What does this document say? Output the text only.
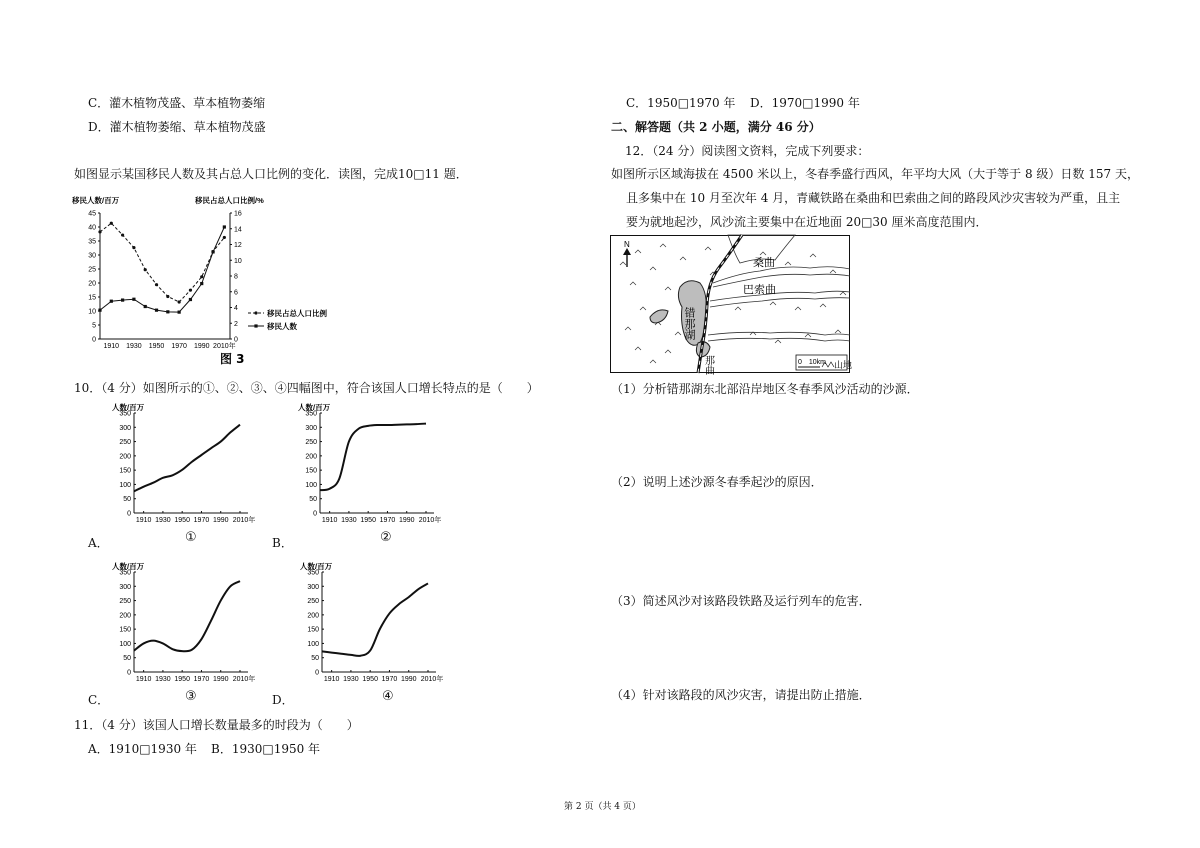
C．灌木植物茂盛、草本植物萎缩
D．灌木植物萎缩、草本植物茂盛
如图显示某国移民人数及其占总人口比例的变化．读图，完成10□11 题．
移民人数/百万	移民占总人口比例/%
0
5
10
15
20
25
30
35
40
45
0
2
4
6
8
10
12
14
16
1910 1930 1950 1970 1990 2010年
移民占总人口比例
移民人数
图 3
10．（4 分）如图所示的①、②、③、④四幅图中，符合该国人口增长特点的是（　　）
人数/百万
0
50
100
150
200
250
300
350
1910 1930 1950 1970 1990 2010年
人数/百万
0
50
100
150
200
250
300
350
1910 1930 1950 1970 1990 2010年
人数/百万
0
50
100
150
200
250
300
350
1910 1930 1950 1970 1990 2010年
人数/百万
0
50
100
150
200
250
300
350
1910 1930 1950 1970 1990 2010年
①	②
③	④
A．	B．
C．	D．
11．（4 分）该国人口增长数量最多的时段为（　　）
A．1910□1930 年 B．1930□1950 年
C．1950□1970 年 D．1970□1990 年
二、解答题（共 2 小题，满分 46 分）
12．（24 分）阅读图文资料，完成下列要求：
如图所示区域海拔在 4500 米以上，冬春季盛行西风，年平均大风（大于等于 8 级）日数 157 天，
且多集中在 10 月至次年 4 月，青藏铁路在桑曲和巴索曲之间的路段风沙灾害较为严重，且主
要为就地起沙，风沙流主要集中在近地面 20□30 厘米高度范围内．
N
桑曲
巴索曲
错那湖
那曲	0　10km 山地
（1）分析错那湖东北部沿岸地区冬春季风沙活动的沙源．
（2）说明上述沙源冬春季起沙的原因．
（3）简述风沙对该路段铁路及运行列车的危害．
（4）针对该路段的风沙灾害，请提出防止措施．
第 2 页（共 4 页）
